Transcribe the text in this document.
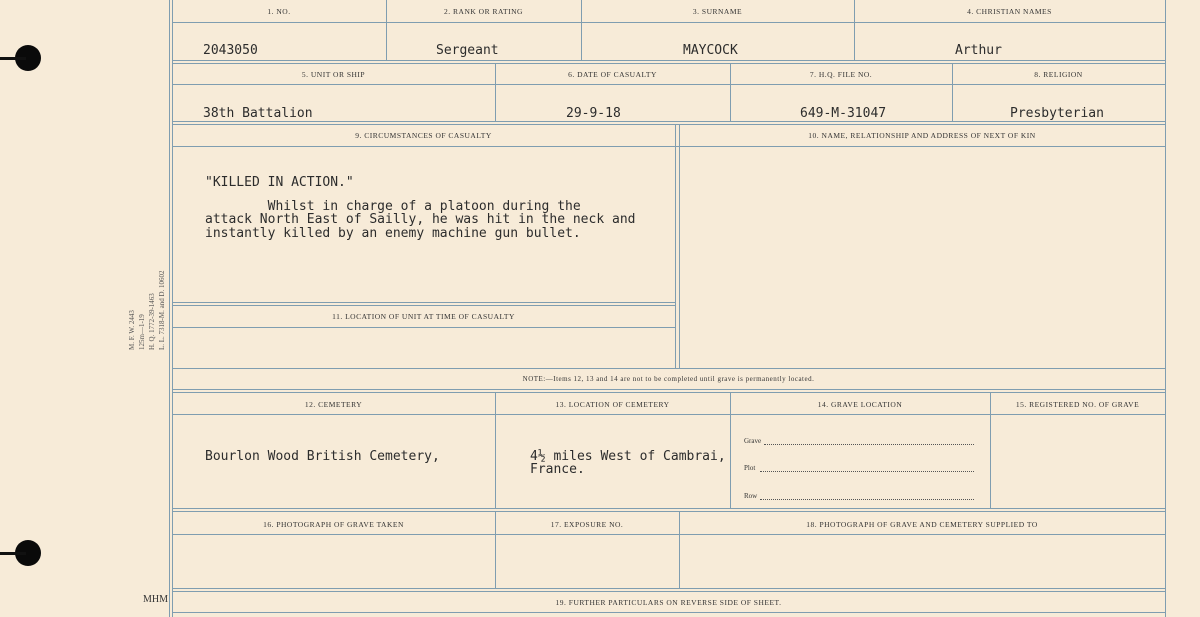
M. F. W. 2443 125m—1-19 H. Q. 1772-39-1463 L. L. 7318-M. and D. 10602
MHM
1. NO.	2. RANK OR RATING	3. SURNAME	4. CHRISTIAN NAMES
2043050	Sergeant	MAYCOCK	Arthur
5. UNIT OR SHIP	6. DATE OF CASUALTY	7. H.Q. FILE NO.	8. RELIGION
38th Battalion	29-9-18	649-M-31047	Presbyterian
9. CIRCUMSTANCES OF CASUALTY	10. NAME, RELATIONSHIP AND ADDRESS OF NEXT OF KIN
"KILLED IN ACTION."
Whilst in charge of a platoon during the
attack North East of Sailly, he was hit in the neck and
instantly killed by an enemy machine gun bullet.
11. LOCATION OF UNIT AT TIME OF CASUALTY
NOTE:—Items 12, 13 and 14 are not to be completed until grave is permanently located.
12. CEMETERY	13. LOCATION OF CEMETERY	14. GRAVE LOCATION	15. REGISTERED NO. OF GRAVE
Bourlon Wood British Cemetery,	4½ miles West of Cambrai,
France.
Grave
Plot
Row
16. PHOTOGRAPH OF GRAVE TAKEN	17. EXPOSURE NO.	18. PHOTOGRAPH OF GRAVE AND CEMETERY SUPPLIED TO
19. FURTHER PARTICULARS ON REVERSE SIDE OF SHEET.
